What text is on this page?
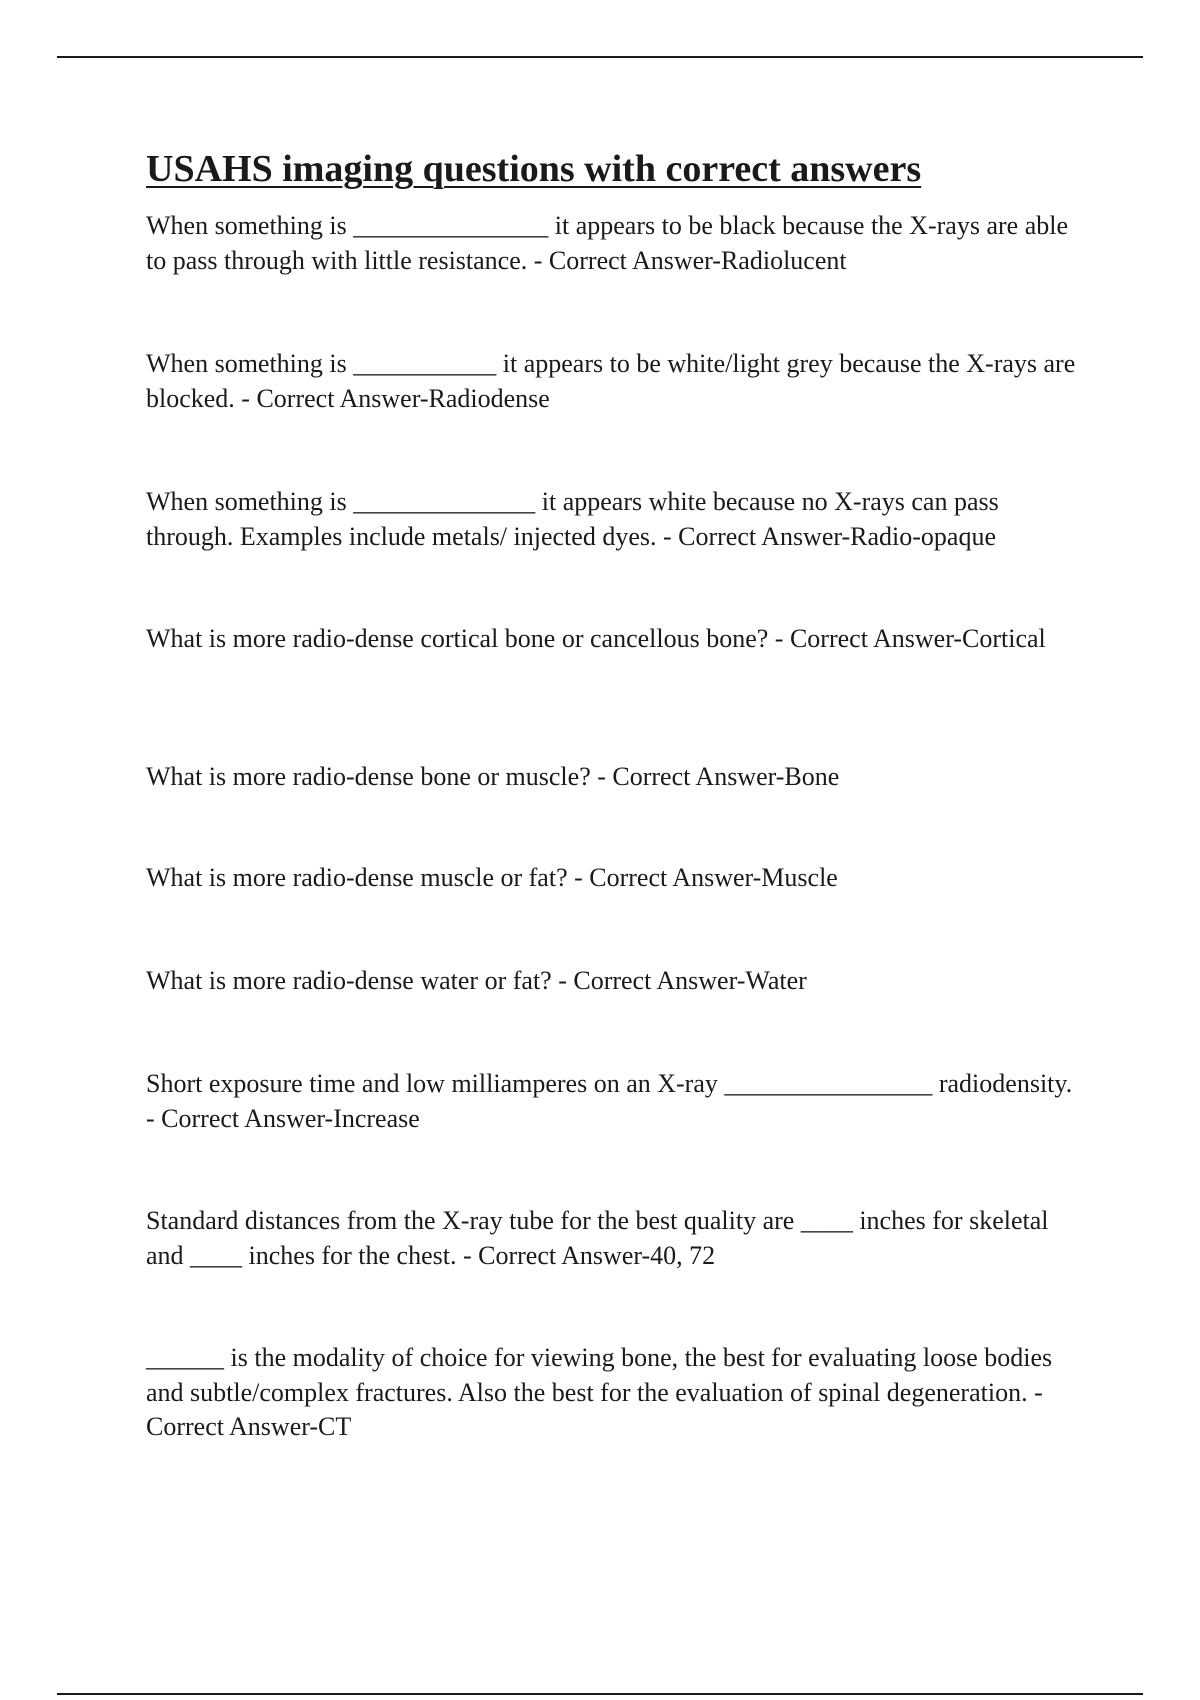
USAHS imaging questions with correct answers

When something is _______________ it appears to be black because the X-rays are able to pass through with little resistance. - Correct Answer-Radiolucent

When something is ___________ it appears to be white/light grey because the X-rays are blocked. - Correct Answer-Radiodense

When something is ______________ it appears white because no X-rays can pass through. Examples include metals/ injected dyes. - Correct Answer-Radio-opaque

What is more radio-dense cortical bone or cancellous bone? - Correct Answer-Cortical

What is more radio-dense bone or muscle? - Correct Answer-Bone

What is more radio-dense muscle or fat? - Correct Answer-Muscle

What is more radio-dense water or fat? - Correct Answer-Water

Short exposure time and low milliamperes on an X-ray ________________ radiodensity. - Correct Answer-Increase

Standard distances from the X-ray tube for the best quality are ____ inches for skeletal and ____ inches for the chest. - Correct Answer-40, 72

______ is the modality of choice for viewing bone, the best for evaluating loose bodies and subtle/complex fractures. Also the best for the evaluation of spinal degeneration. - Correct Answer-CT
